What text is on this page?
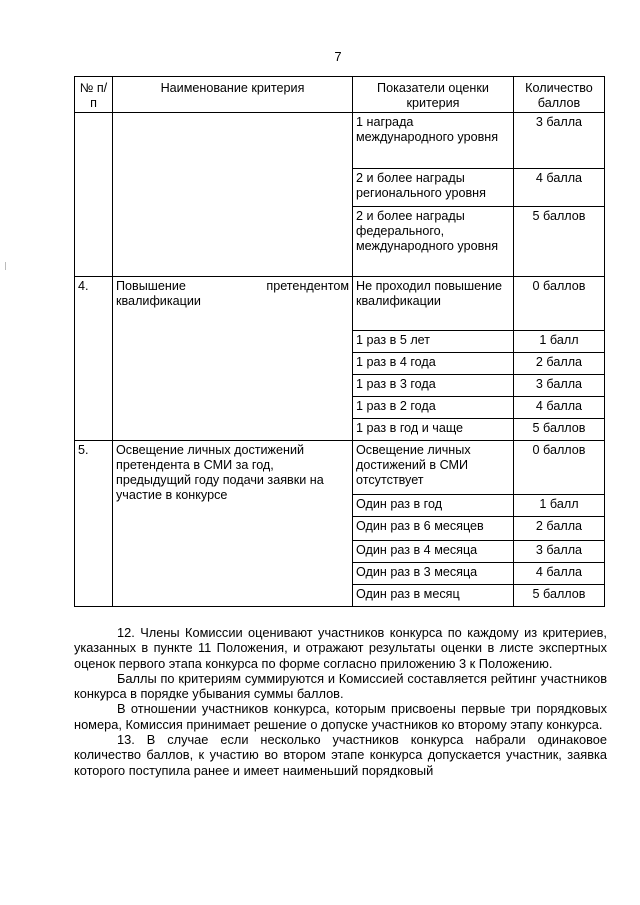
7
№ п/п	Наименование критерия	Показатели оценки критерия	Количество баллов
		1 награда международного уровня	3 балла
		2 и более награды регионального уровня	4 балла
		2 и более награды федерального, международного уровня	5 баллов
4.	Повышение претендентом квалификации	Не проходил повышение квалификации	0 баллов
		1 раз в 5 лет	1 балл
		1 раз в 4 года	2 балла
		1 раз в 3 года	3 балла
		1 раз в 2 года	4 балла
		1 раз в год и чаще	5 баллов
5.	Освещение личных достижений претендента в СМИ за год, предыдущий году подачи заявки на участие в конкурсе	Освещение личных достижений в СМИ отсутствует	0 баллов
		Один раз в год	1 балл
		Один раз в 6 месяцев	2 балла
		Один раз в 4 месяца	3 балла
		Один раз в 3 месяца	4 балла
		Один раз в месяц	5 баллов

12. Члены Комиссии оценивают участников конкурса по каждому из критериев, указанных в пункте 11 Положения, и отражают результаты оценки в листе экспертных оценок первого этапа конкурса по форме согласно приложению 3 к Положению.

Баллы по критериям суммируются и Комиссией составляется рейтинг участников конкурса в порядке убывания суммы баллов.

В отношении участников конкурса, которым присвоены первые три порядковых номера, Комиссия принимает решение о допуске участников ко второму этапу конкурса.

13. В случае если несколько участников конкурса набрали одинаковое количество баллов, к участию во втором этапе конкурса допускается участник, заявка которого поступила ранее и имеет наименьший порядковый
